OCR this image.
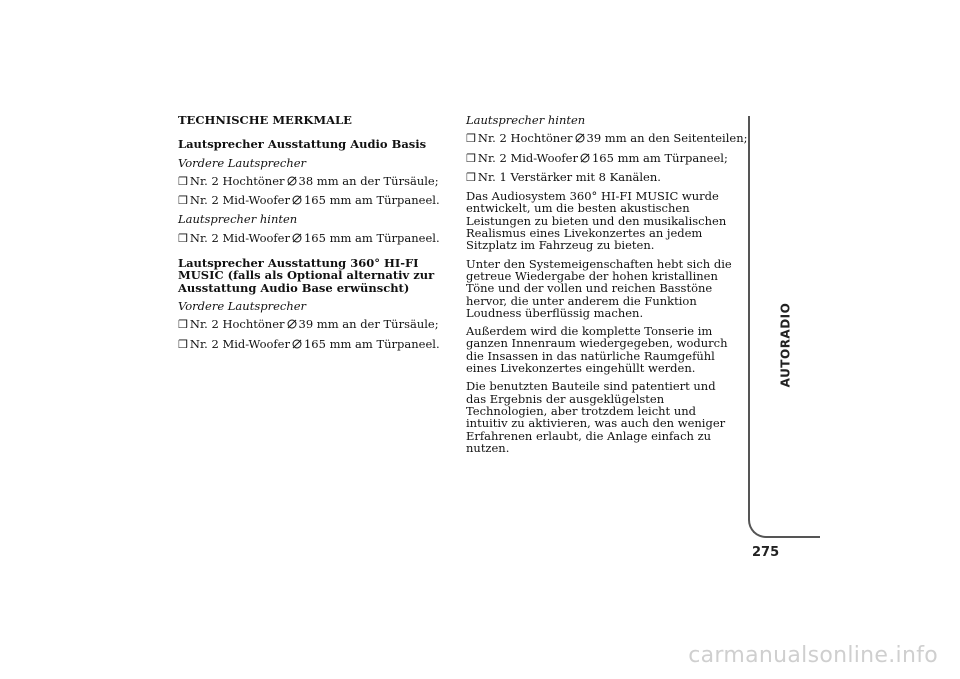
TECHNISCHE MERKMALE

Lautsprecher Ausstattung Audio Basis

Vordere Lautsprecher

❒ Nr. 2 Hochtöner 38 mm an der Türsäule;

❒ Nr. 2 Mid-Woofer 165 mm am Türpaneel.

Lautsprecher hinten

❒ Nr. 2 Mid-Woofer 165 mm am Türpaneel.

Lautsprecher Ausstattung 360° HI-FI MUSIC (falls als Optional alternativ zur Ausstattung Audio Base erwünscht)

Vordere Lautsprecher

❒ Nr. 2 Hochtöner 39 mm an der Türsäule;

❒ Nr. 2 Mid-Woofer 165 mm am Türpaneel.

Lautsprecher hinten

❒ Nr. 2 Hochtöner 39 mm an den Seitenteilen;

❒ Nr. 2 Mid-Woofer 165 mm am Türpaneel;

❒ Nr. 1 Verstärker mit 8 Kanälen.

Das Audiosystem 360° HI-FI MUSIC wurde entwickelt, um die besten akustischen Leistungen zu bieten und den musikalischen Realismus eines Livekonzertes an jedem Sitzplatz im Fahrzeug zu bieten.

Unter den Systemeigenschaften hebt sich die getreue Wiedergabe der hohen kristallinen Töne und der vollen und reichen Basstöne hervor, die unter anderem die Funktion Loudness überflüssig machen.

Außerdem wird die komplette Tonserie im ganzen Innenraum wiedergegeben, wodurch die Insassen in das natürliche Raumgefühl eines Livekonzertes eingehüllt werden.

Die benutzten Bauteile sind patentiert und das Ergebnis der ausgeklügelsten Technologien, aber trotzdem leicht und intuitiv zu aktivieren, was auch den weniger Erfahrenen erlaubt, die Anlage einfach zu nutzen.

AUTORADIO
275
carmanualsonline.info
